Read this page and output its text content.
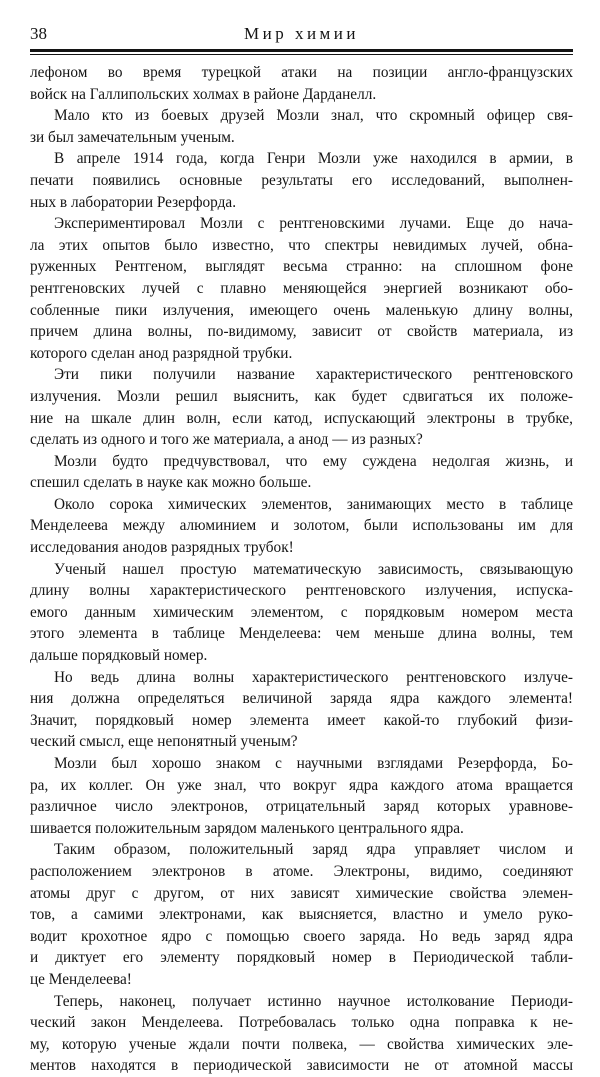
38	Мир химии

лефоном во время турецкой атаки на позиции англо-французских
войск на Галлипольских холмах в районе Дарданелл.

Мало кто из боевых друзей Мозли знал, что скромный офицер свя-
зи был замечательным ученым.

В апреле 1914 года, когда Генри Мозли уже находился в армии, в
печати появились основные результаты его исследований, выполнен-
ных в лаборатории Резерфорда.

Экспериментировал Мозли с рентгеновскими лучами. Еще до нача-
ла этих опытов было известно, что спектры невидимых лучей, обна-
руженных Рентгеном, выглядят весьма странно: на сплошном фоне
рентгеновских лучей с плавно меняющейся энергией возникают обо-
собленные пики излучения, имеющего очень маленькую длину волны,
причем длина волны, по-видимому, зависит от свойств материала, из
которого сделан анод разрядной трубки.

Эти пики получили название характеристического рентгеновского
излучения. Мозли решил выяснить, как будет сдвигаться их положе-
ние на шкале длин волн, если катод, испускающий электроны в трубке,
сделать из одного и того же материала, а анод — из разных?

Мозли будто предчувствовал, что ему суждена недолгая жизнь, и
спешил сделать в науке как можно больше.

Около сорока химических элементов, занимающих место в таблице
Менделеева между алюминием и золотом, были использованы им для
исследования анодов разрядных трубок!

Ученый нашел простую математическую зависимость, связывающую
длину волны характеристического рентгеновского излучения, испуска-
емого данным химическим элементом, с порядковым номером места
этого элемента в таблице Менделеева: чем меньше длина волны, тем
дальше порядковый номер.

Но ведь длина волны характеристического рентгеновского излуче-
ния должна определяться величиной заряда ядра каждого элемента!
Значит, порядковый номер элемента имеет какой-то глубокий физи-
ческий смысл, еще непонятный ученым?

Мозли был хорошо знаком с научными взглядами Резерфорда, Бо-
ра, их коллег. Он уже знал, что вокруг ядра каждого атома вращается
различное число электронов, отрицательный заряд которых уравнове-
шивается положительным зарядом маленького центрального ядра.

Таким образом, положительный заряд ядра управляет числом и
расположением электронов в атоме. Электроны, видимо, соединяют
атомы друг с другом, от них зависят химические свойства элемен-
тов, а самими электронами, как выясняется, властно и умело руко-
водит крохотное ядро с помощью своего заряда. Но ведь заряд ядра
и диктует его элементу порядковый номер в Периодической табли-
це Менделеева!

Теперь, наконец, получает истинно научное истолкование Периоди-
ческий закон Менделеева. Потребовалась только одна поправка к не-
му, которую ученые ждали почти полвека, — свойства химических эле-
ментов находятся в периодической зависимости не от атомной массы
